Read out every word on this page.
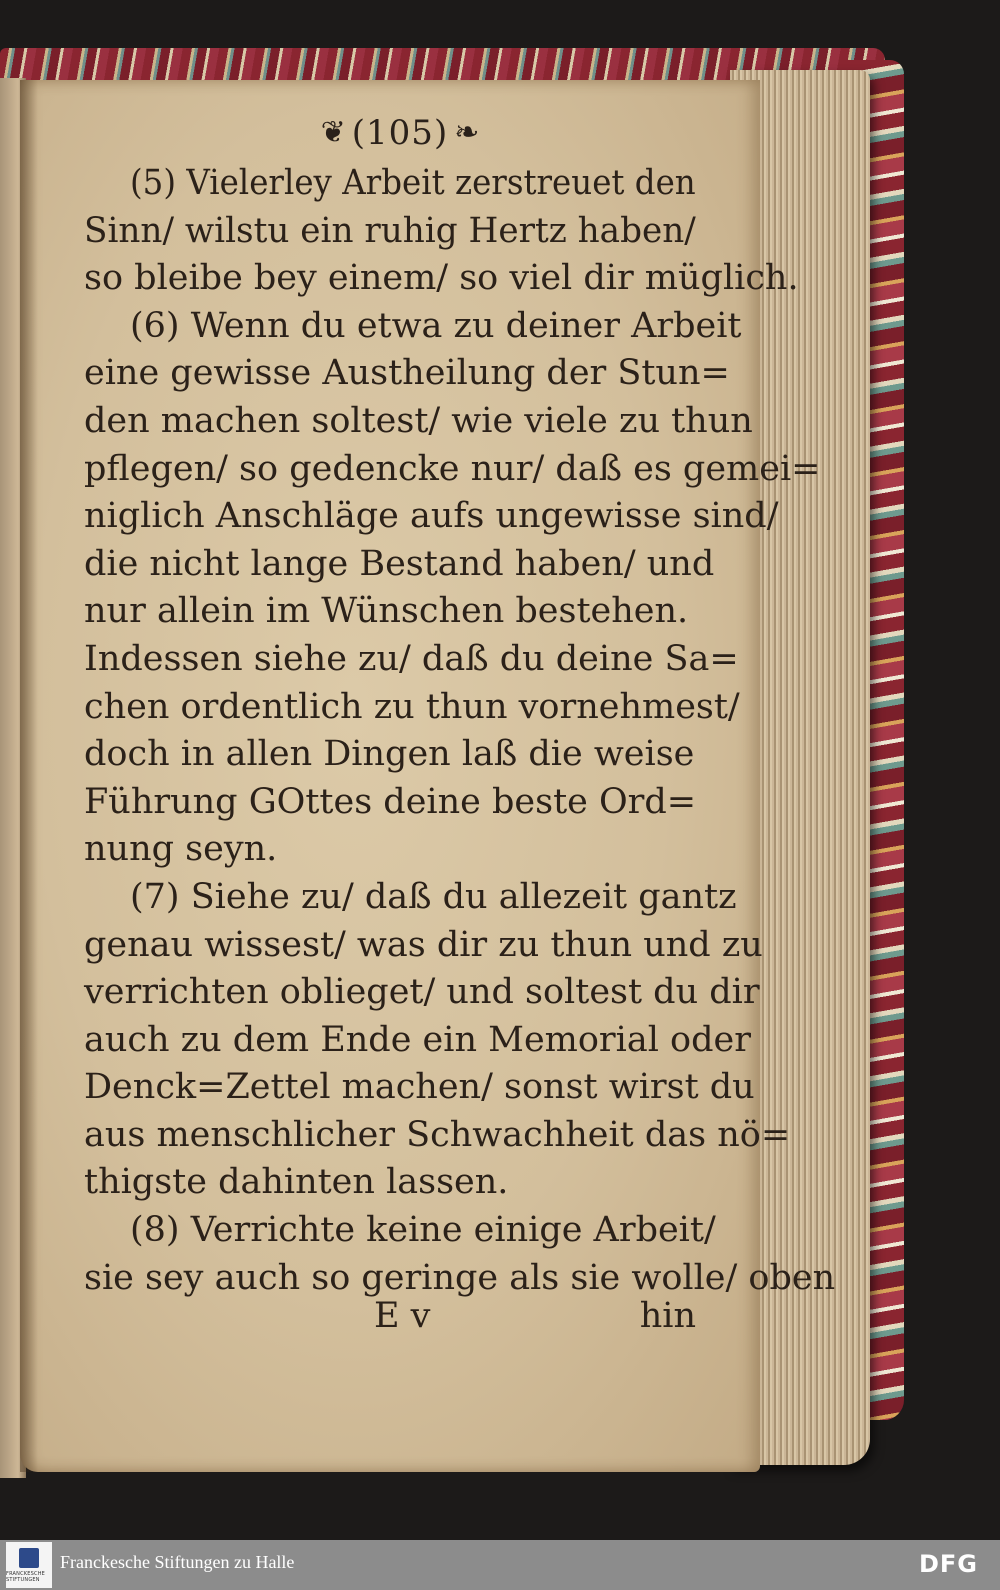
❦ (105) ❧
(5) Vielerley Arbeit zerstreuet den
Sinn/ wilstu ein ruhig Hertz haben/
so bleibe bey einem/ so viel dir müglich.
(6) Wenn du etwa zu deiner Arbeit
eine gewisse Austheilung der Stun=
den machen soltest/ wie viele zu thun
pflegen/ so gedencke nur/ daß es gemei=
niglich Anschläge aufs ungewisse sind/
die nicht lange Bestand haben/ und
nur allein im Wünschen bestehen.
Indessen siehe zu/ daß du deine Sa=
chen ordentlich zu thun vornehmest/
doch in allen Dingen laß die weise
Führung GOttes deine beste Ord=
nung seyn.
(7) Siehe zu/ daß du allezeit gantz
genau wissest/ was dir zu thun und zu
verrichten oblieget/ und soltest du dir
auch zu dem Ende ein Memorial oder
Denck=Zettel machen/ sonst wirst du
aus menschlicher Schwachheit das nö=
thigste dahinten lassen.
(8) Verrichte keine einige Arbeit/
sie sey auch so geringe als sie wolle/ oben
E v	hin
FRANCKESCHE STIFTUNGEN
Franckesche Stiftungen zu Halle	DFG
